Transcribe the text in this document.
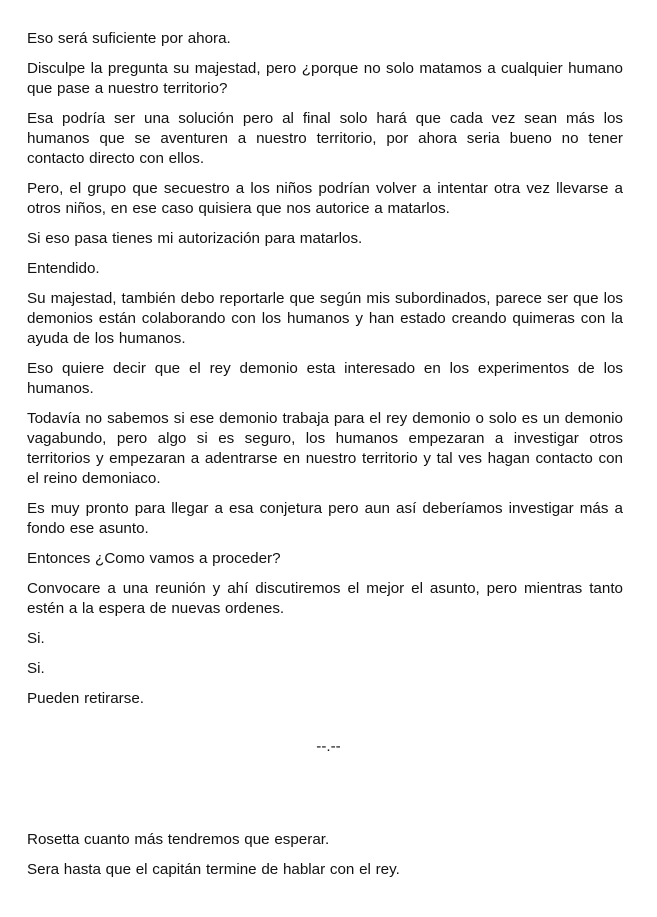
Eso será suficiente por ahora.

Disculpe la pregunta su majestad, pero ¿porque no solo matamos a cualquier humano que pase a nuestro territorio?

Esa podría ser una solución pero al final solo hará que cada vez sean más los humanos que se aventuren a nuestro territorio, por ahora seria bueno no tener contacto directo con ellos.

Pero, el grupo que secuestro a los niños podrían volver a intentar otra vez llevarse a otros niños, en ese caso quisiera que nos autorice a matarlos.

Si eso pasa tienes mi autorización para matarlos.

Entendido.

Su majestad, también debo reportarle que según mis subordinados, parece ser que los demonios están colaborando con los humanos y han estado creando quimeras con la ayuda de los humanos.

Eso quiere decir que el rey demonio esta interesado en los experimentos de los humanos.

Todavía no sabemos si ese demonio trabaja para el rey demonio o solo es un demonio vagabundo, pero algo si es seguro, los humanos empezaran a investigar otros territorios y empezaran a adentrarse en nuestro territorio y tal ves hagan contacto con el reino demoniaco.

Es muy pronto para llegar a esa conjetura pero aun así deberíamos investigar más a fondo ese asunto.

Entonces ¿Como vamos a proceder?

Convocare a una reunión y ahí discutiremos el mejor el asunto, pero mientras tanto estén a la espera de nuevas ordenes.

Si.

Si.

Pueden retirarse.

--.--

Rosetta cuanto más tendremos que esperar.

Sera hasta que el capitán termine de hablar con el rey.
